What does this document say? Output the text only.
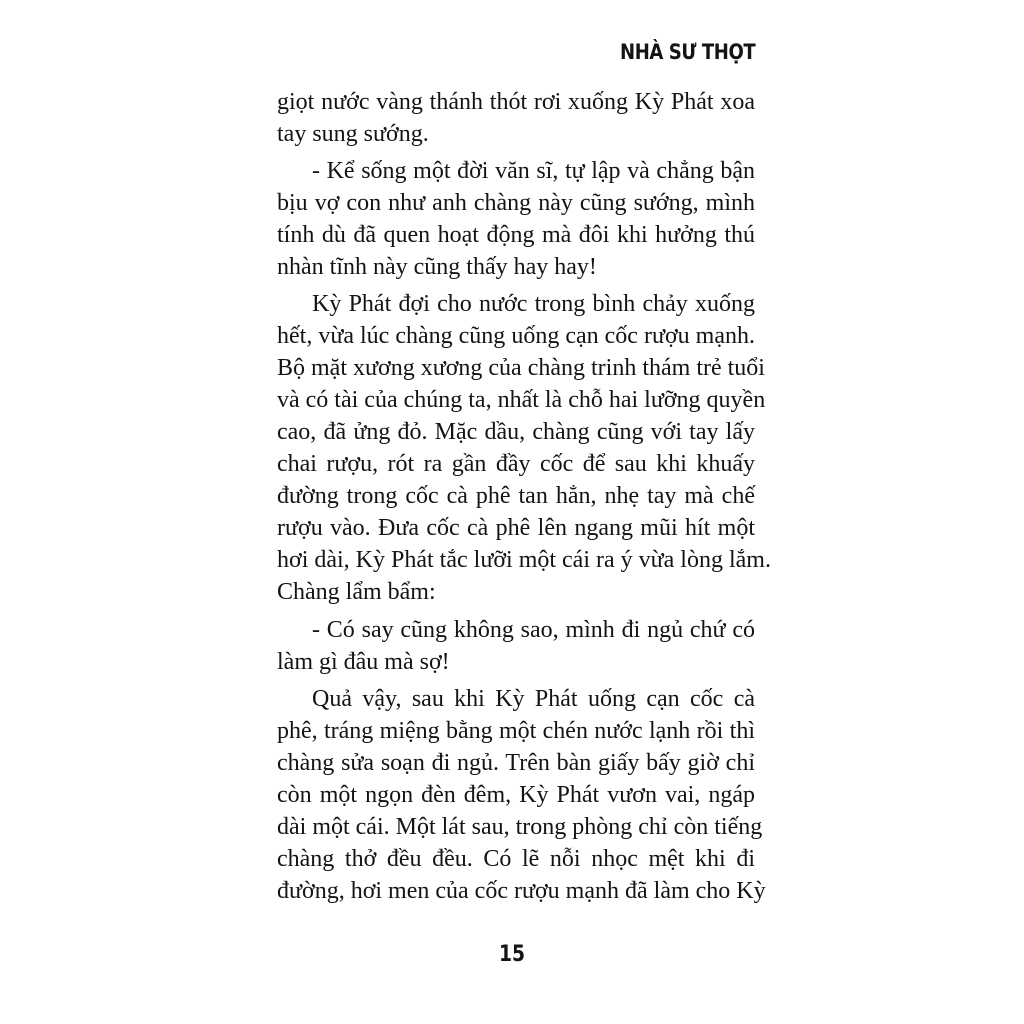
NHÀ SƯ THỌT
giọt nước vàng thánh thót rơi xuống Kỳ Phát xoa
tay sung sướng.
- Kể sống một đời văn sĩ, tự lập và chẳng bận
bịu vợ con như anh chàng này cũng sướng, mình
tính dù đã quen hoạt động mà đôi khi hưởng thú
nhàn tĩnh này cũng thấy hay hay!
Kỳ Phát đợi cho nước trong bình chảy xuống
hết, vừa lúc chàng cũng uống cạn cốc rượu mạnh.
Bộ mặt xương xương của chàng trinh thám trẻ tuổi
và có tài của chúng ta, nhất là chỗ hai lưỡng quyền
cao, đã ửng đỏ. Mặc dầu, chàng cũng với tay lấy
chai rượu, rót ra gần đầy cốc để sau khi khuấy
đường trong cốc cà phê tan hẳn, nhẹ tay mà chế
rượu vào. Đưa cốc cà phê lên ngang mũi hít một
hơi dài, Kỳ Phát tắc lưỡi một cái ra ý vừa lòng lắm.
Chàng lẩm bẩm:
- Có say cũng không sao, mình đi ngủ chứ có
làm gì đâu mà sợ!
Quả vậy, sau khi Kỳ Phát uống cạn cốc cà
phê, tráng miệng bằng một chén nước lạnh rồi thì
chàng sửa soạn đi ngủ. Trên bàn giấy bấy giờ chỉ
còn một ngọn đèn đêm, Kỳ Phát vươn vai, ngáp
dài một cái. Một lát sau, trong phòng chỉ còn tiếng
chàng thở đều đều. Có lẽ nỗi nhọc mệt khi đi
đường, hơi men của cốc rượu mạnh đã làm cho Kỳ
15
